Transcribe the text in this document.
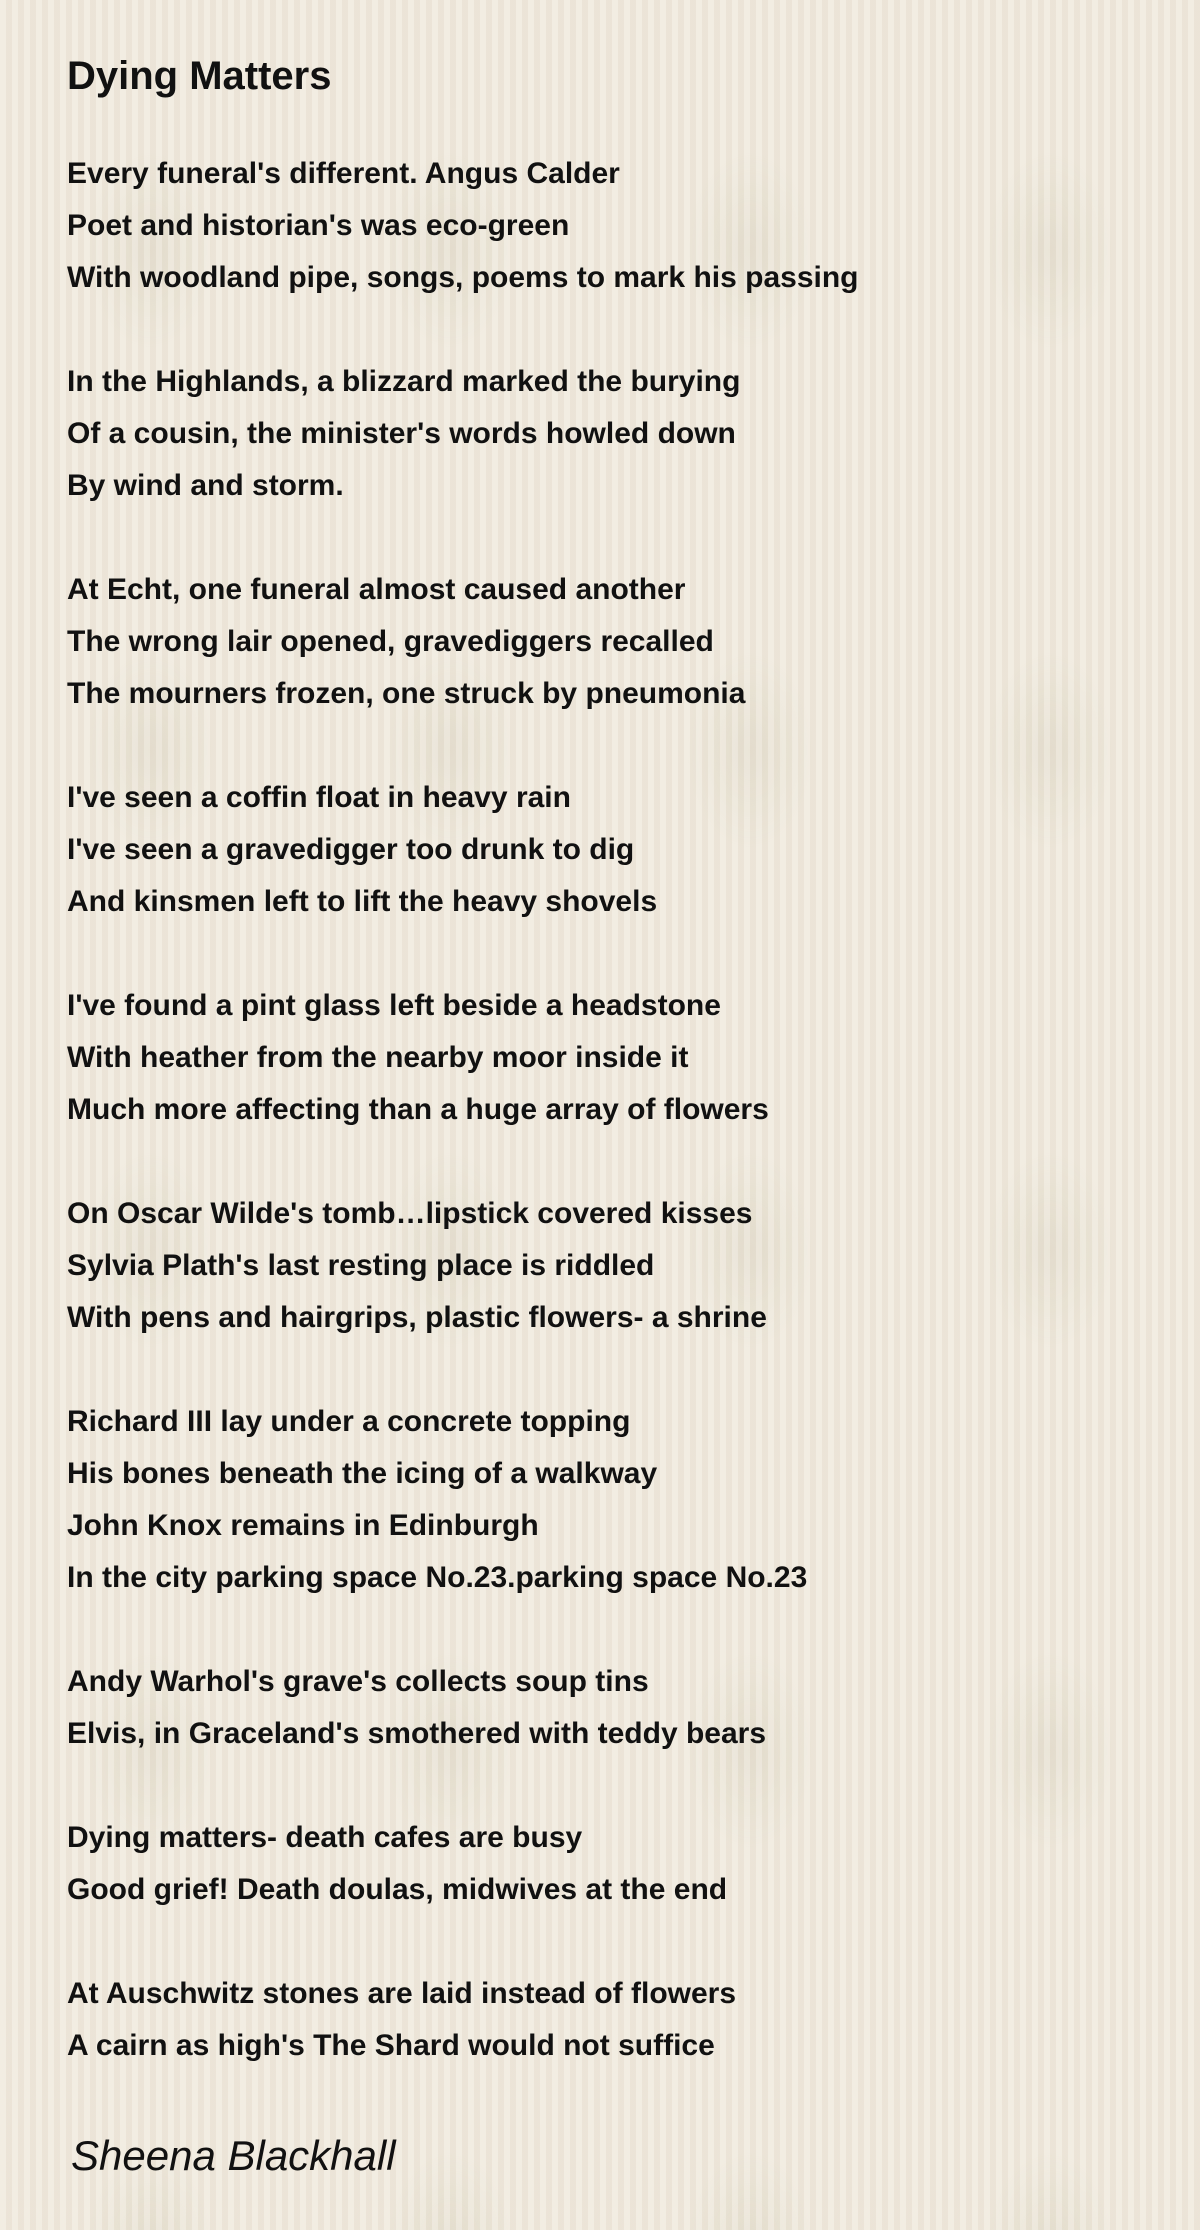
Dying Matters
Every funeral's different. Angus Calder
Poet and historian's was eco-green
With woodland pipe, songs, poems to mark his passing
In the Highlands, a blizzard marked the burying
Of a cousin, the minister's words howled down
By wind and storm.
At Echt, one funeral almost caused another
The wrong lair opened, gravediggers recalled
The mourners frozen, one struck by pneumonia
I've seen a coffin float in heavy rain
I've seen a gravedigger too drunk to dig
And kinsmen left to lift the heavy shovels
I've found a pint glass left beside a headstone
With heather from the nearby moor inside it
Much more affecting than a huge array of flowers
On Oscar Wilde's tomb…lipstick covered kisses
Sylvia Plath's last resting place is riddled
With pens and hairgrips, plastic flowers- a shrine
Richard III lay under a concrete topping
His bones beneath the icing of a walkway
John Knox remains in Edinburgh
In the city parking space No.23.parking space No.23
Andy Warhol's grave's collects soup tins
Elvis, in Graceland's smothered with teddy bears
Dying matters- death cafes are busy
Good grief! Death doulas, midwives at the end
At Auschwitz stones are laid instead of flowers
A cairn as high's The Shard would not suffice
Sheena Blackhall
